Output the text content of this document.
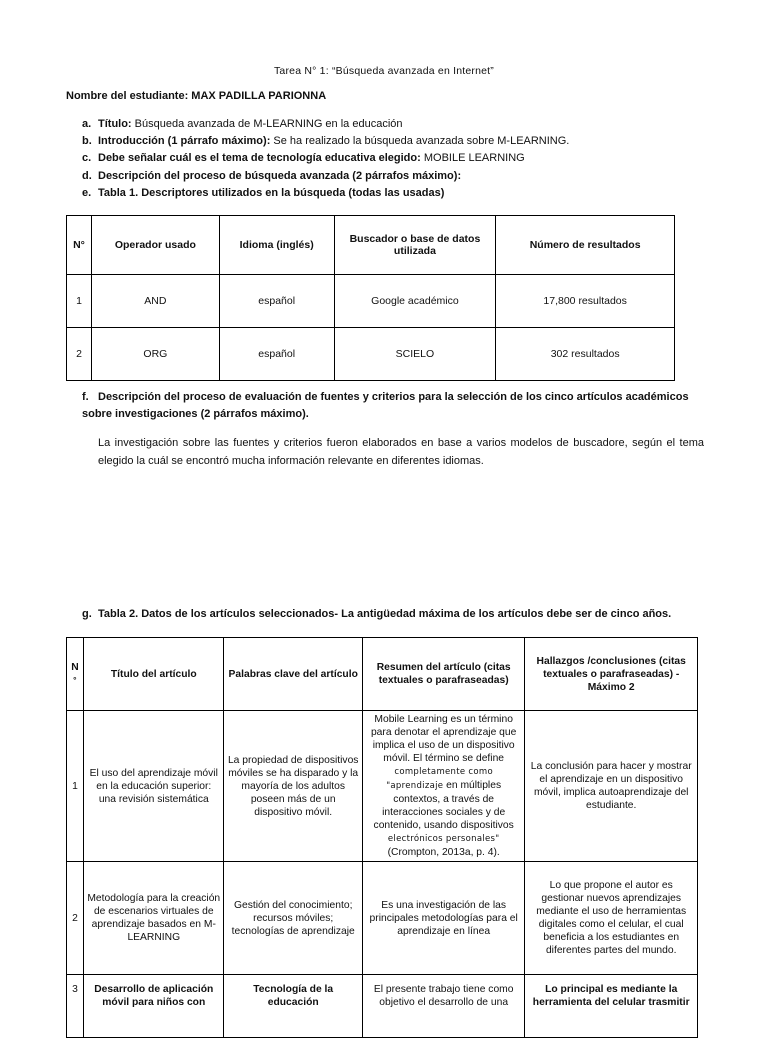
Tarea N° 1: “Búsqueda avanzada en Internet”
Nombre del estudiante: MAX PADILLA PARIONNA
a. Título: Búsqueda avanzada de M-LEARNING en la educación
b. Introducción (1 párrafo máximo): Se ha realizado la búsqueda avanzada sobre M-LEARNING.
c. Debe señalar cuál es el tema de tecnología educativa elegido: MOBILE LEARNING
d. Descripción del proceso de búsqueda avanzada (2 párrafos máximo):
e. Tabla 1. Descriptores utilizados en la búsqueda (todas las usadas)
N°	Operador usado	Idioma (inglés)	Buscador o base de datos utilizada	Número de resultados
1	AND	español	Google académico	17,800 resultados
2	ORG	español	SCIELO	302 resultados
f. Descripción del proceso de evaluación de fuentes y criterios para la selección de los cinco artículos académicos sobre investigaciones (2 párrafos máximo).
La investigación sobre las fuentes y criterios fueron elaborados en base a varios modelos de buscadore, según el tema elegido la cuál se encontró mucha información relevante en diferentes idiomas.
g. Tabla 2. Datos de los artículos seleccionados- La antigüedad máxima de los artículos debe ser de cinco años.
N
°	Título del artículo	Palabras clave del artículo	Resumen del artículo (citas textuales o parafraseadas)	Hallazgos /conclusiones (citas textuales o parafraseadas) - Máximo 2
1	El uso del aprendizaje móvil en la educación superior: una revisión sistemática	La propiedad de dispositivos móviles se ha disparado y la mayoría de los adultos poseen más de un dispositivo móvil.	Mobile Learning es un término para denotar el aprendizaje que implica el uso de un dispositivo móvil. El término se define completamente como "aprendizaje en múltiples contextos, a través de interacciones sociales y de contenido, usando dispositivos electrónicos personales" (Crompton, 2013a, p. 4).	La conclusión para hacer y mostrar el aprendizaje en un dispositivo móvil, implica autoaprendizaje del estudiante.
2	Metodología para la creación de escenarios virtuales de aprendizaje basados en M-LEARNING	Gestión del conocimiento; recursos móviles; tecnologías de aprendizaje	Es una investigación de las principales metodologías para el aprendizaje en línea	Lo que propone el autor es gestionar nuevos aprendizajes mediante el uso de herramientas digitales como el celular, el cual beneficia a los estudiantes en diferentes partes del mundo.
3	Desarrollo de aplicación móvil para niños con	Tecnología de la educación	El presente trabajo tiene como objetivo el desarrollo de una	Lo principal es mediante la herramienta del celular trasmitir
